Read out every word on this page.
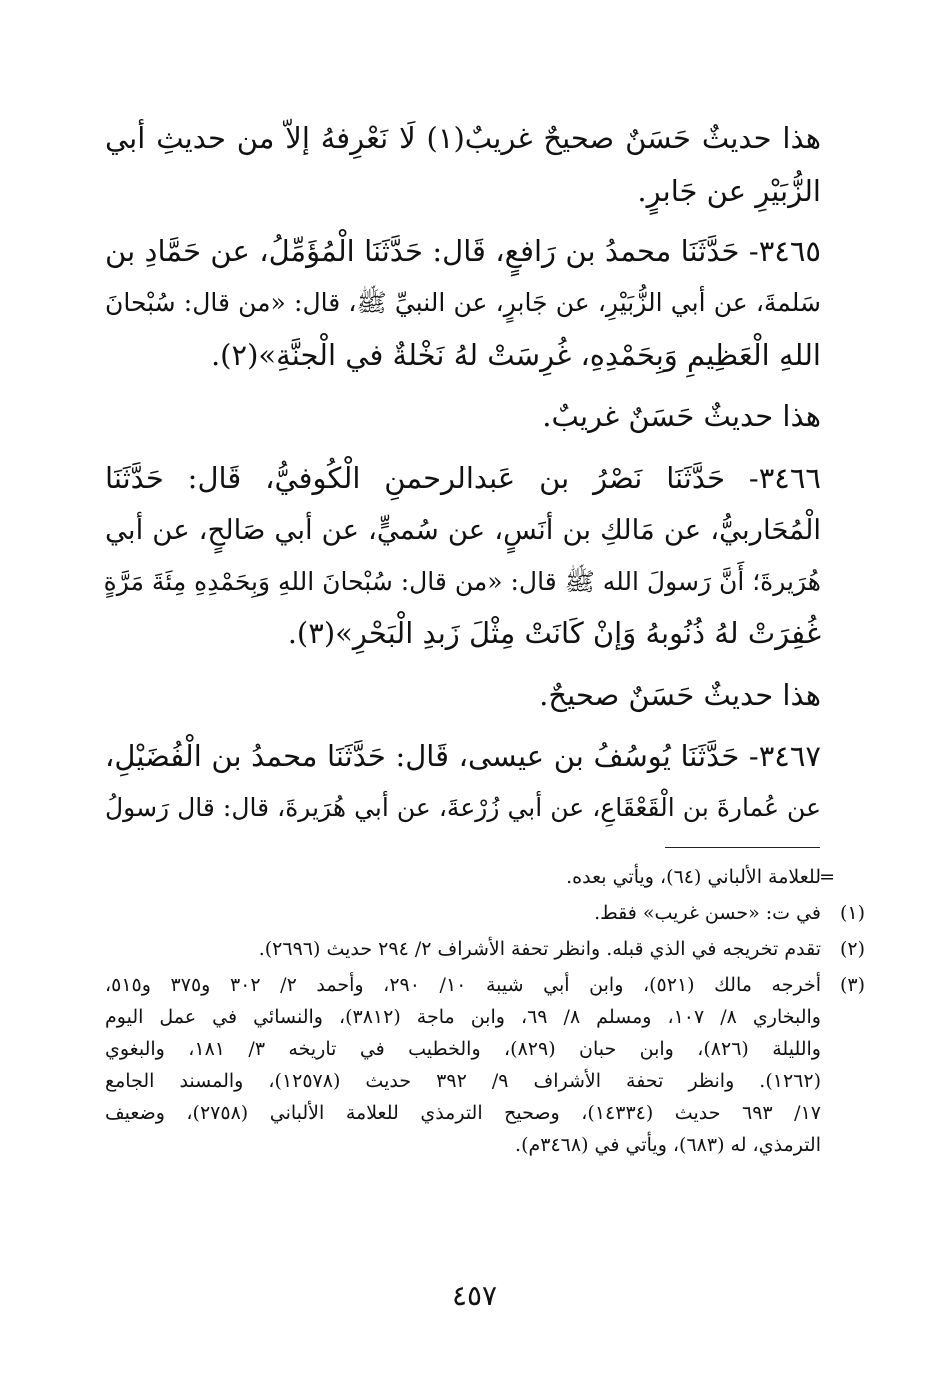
هذا حديثٌ حَسَنٌ صحيحٌ غريبٌ(١) لَا نَعْرِفهُ إلاّ من حديثِ أبي
الزُّبَيْرِ عن جَابرٍ.
٣٤٦٥- حَدَّثَنَا محمدُ بن رَافعٍ، قَال: حَدَّثَنَا الْمُؤَمِّلُ، عن حَمَّادِ بن
سَلمةَ، عن أبي الزُّبَيْرِ، عن جَابرٍ، عن النبيِّ ﷺ، قال: «من قال: سُبْحانَ
اللهِ الْعَظِيمِ وَبِحَمْدِهِ، غُرِسَتْ لهُ نَخْلةٌ في الْجنَّةِ»(٢).
هذا حديثٌ حَسَنٌ غريبٌ.
٣٤٦٦- حَدَّثَنَا نَصْرُ بن عَبدالرحمنِ الْكُوفيُّ، قَال: حَدَّثَنَا
الْمُحَاربيُّ، عن مَالكِ بن أنَسٍ، عن سُميٍّ، عن أبي صَالحٍ، عن أبي
هُرَيرةَ؛ أَنَّ رَسولَ الله ﷺ قال: «من قال: سُبْحانَ اللهِ وَبِحَمْدِهِ مِئَةَ مَرَّةٍ
غُفِرَتْ لهُ ذُنُوبهُ وَإنْ كَانَتْ مِثْلَ زَبدِ الْبَحْرِ»(٣).
هذا حديثٌ حَسَنٌ صحيحٌ.
٣٤٦٧- حَدَّثَنَا يُوسُفُ بن عيسى، قَال: حَدَّثَنَا محمدُ بن الْفُضَيْلِ،
عن عُمارةَ بن الْقَعْقَاعِ، عن أبي زُرْعةَ، عن أبي هُرَيرةَ، قال: قال رَسولُ
=
للعلامة الألباني (٦٤)، ويأتي بعده.
(١)
في ت: «حسن غريب» فقط.
(٢)
تقدم تخريجه في الذي قبله. وانظر تحفة الأشراف ٢/ ٢٩٤ حديث (٢٦٩٦).
(٣)
أخرجه مالك (٥٢١)، وابن أبي شيبة ١٠/ ٢٩٠، وأحمد ٢/ ٣٠٢ و٣٧٥ و٥١٥،
والبخاري ٨/ ١٠٧، ومسلم ٨/ ٦٩، وابن ماجة (٣٨١٢)، والنسائي في عمل اليوم
والليلة (٨٢٦)، وابن حبان (٨٢٩)، والخطيب في تاريخه ٣/ ١٨١، والبغوي
(١٢٦٢). وانظر تحفة الأشراف ٩/ ٣٩٢ حديث (١٢٥٧٨)، والمسند الجامع
١٧/ ٦٩٣ حديث (١٤٣٣٤)، وصحيح الترمذي للعلامة الألباني (٢٧٥٨)، وضعيف
الترمذي، له (٦٨٣)، ويأتي في (٣٤٦٨م).
٤٥٧
